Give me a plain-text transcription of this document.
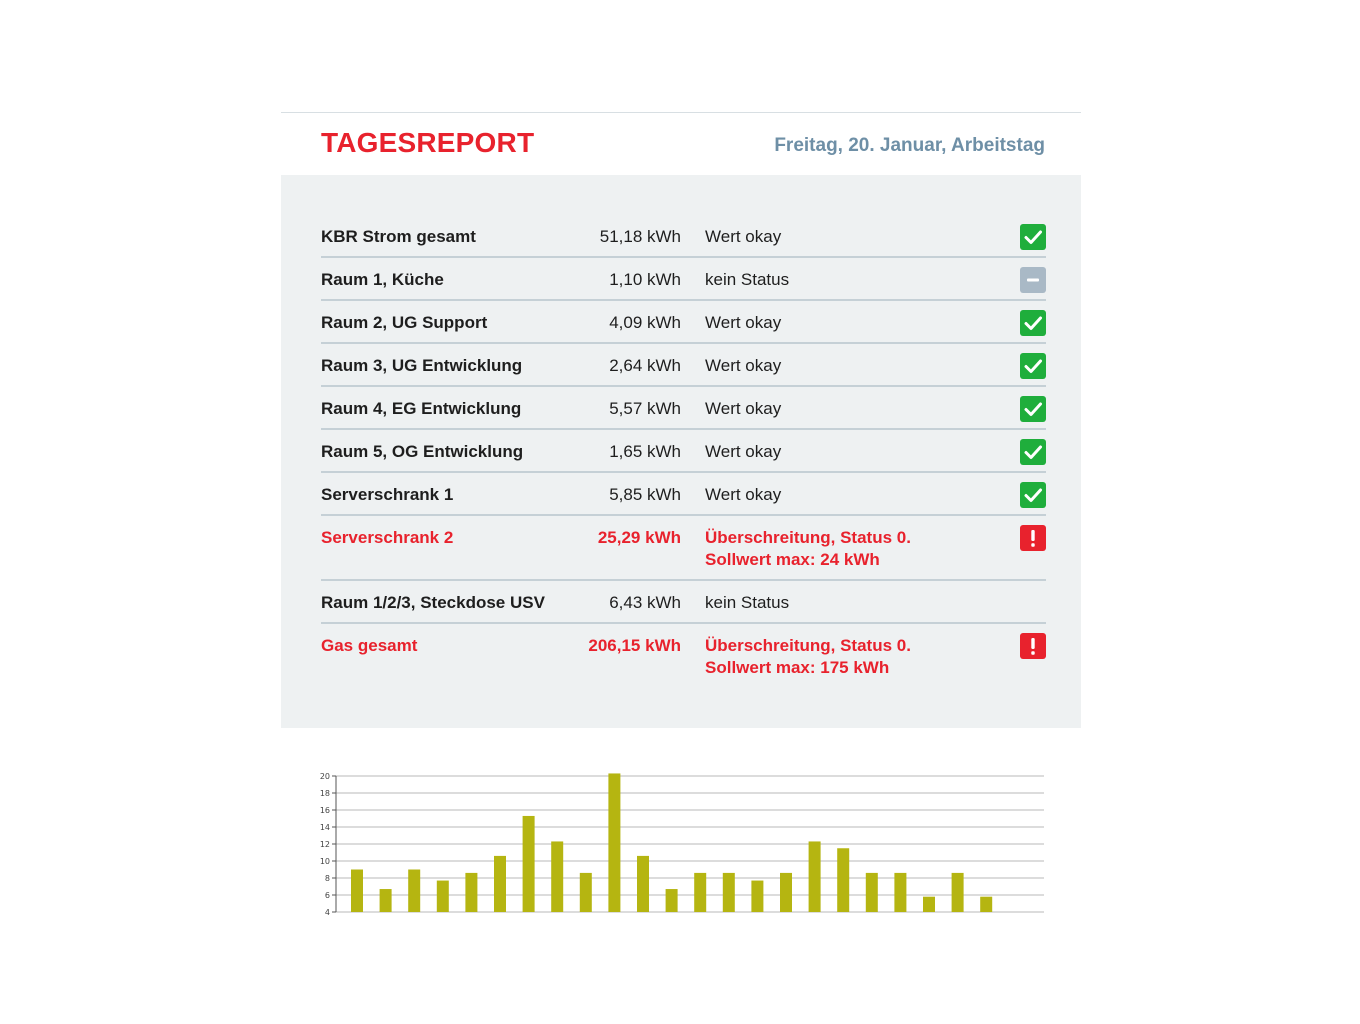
TAGESREPORT	Freitag, 20. Januar, Arbeitstag
KBR Strom gesamt	51,18 kWh Wert okay
Raum 1, Küche	1,10 kWh kein Status
Raum 2, UG Support	4,09 kWh Wert okay
Raum 3, UG Entwicklung	2,64 kWh Wert okay
Raum 4, EG Entwicklung	5,57 kWh Wert okay
Raum 5, OG Entwicklung	1,65 kWh Wert okay
Serverschrank 1	5,85 kWh Wert okay
Serverschrank 2	25,29 kWh Überschreitung, Status 0.
Sollwert max: 24 kWh
Raum 1/2/3, Steckdose USV	6,43 kWh kein Status
Gas gesamt	206,15 kWh Überschreitung, Status 0.
Sollwert max: 175 kWh
4
6
8
10
12
14
16
18
20
